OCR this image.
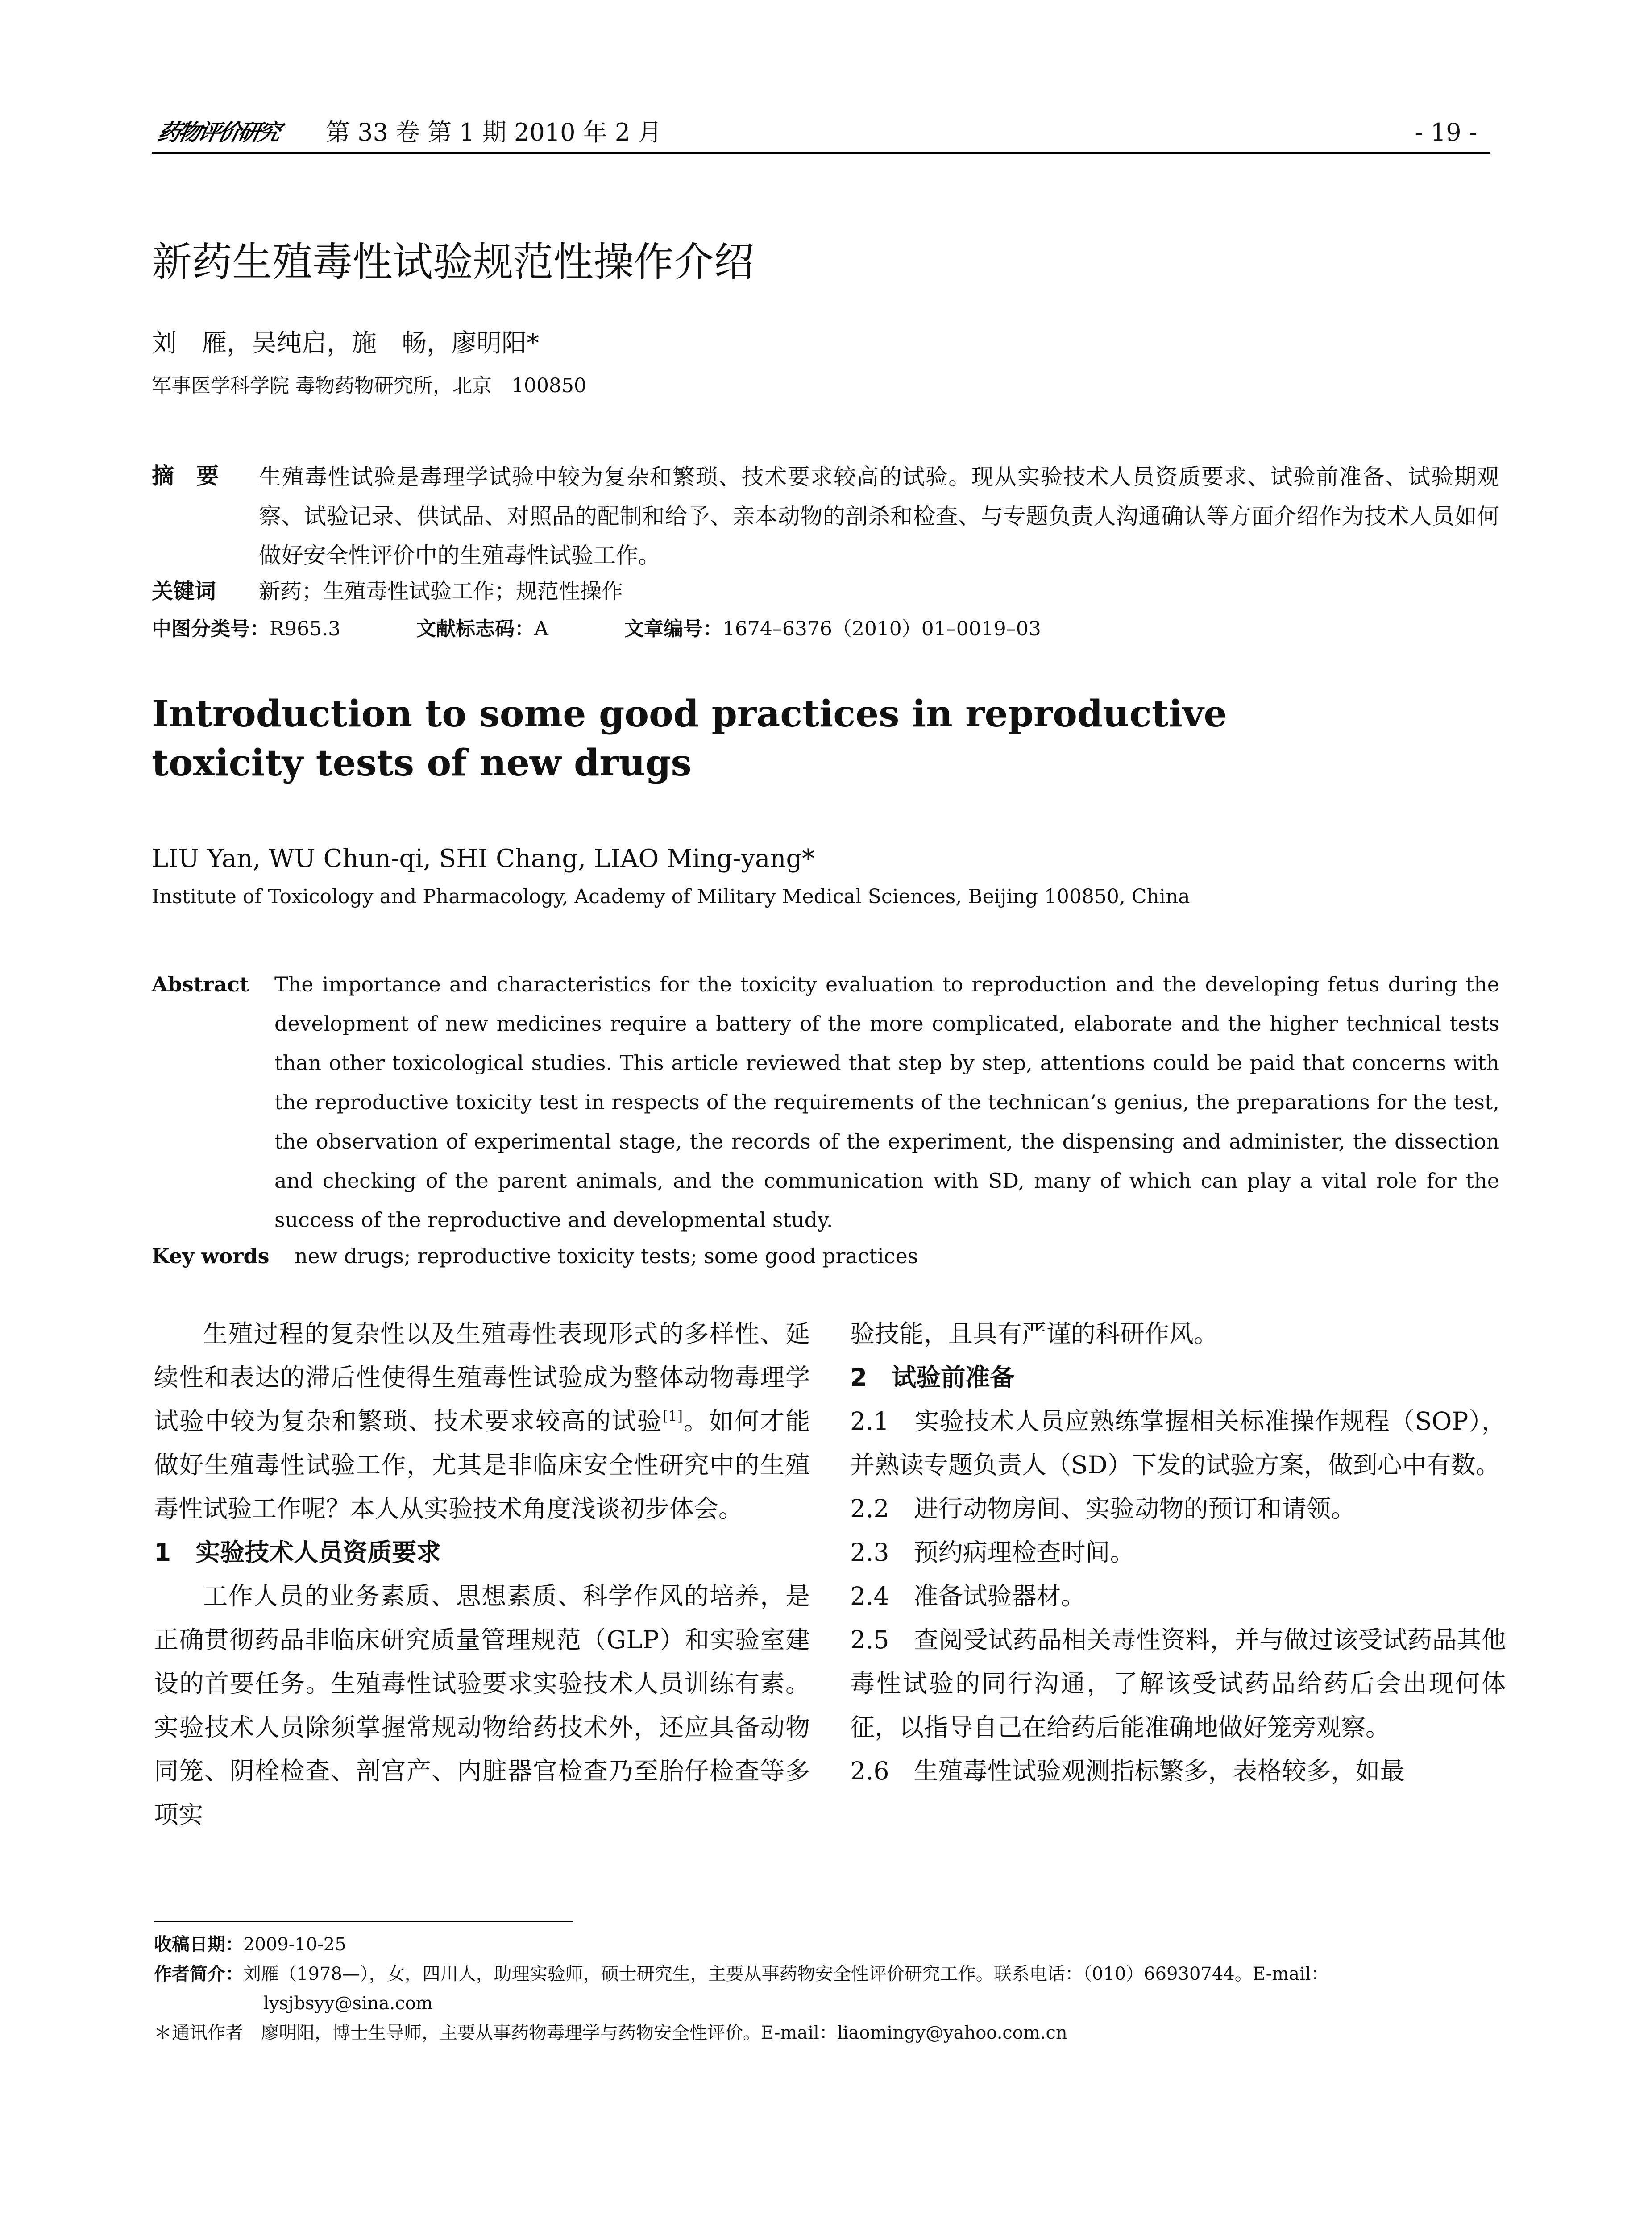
药物评价研究	第 33 卷 第 1 期 2010 年 2 月	- 19 -
新药生殖毒性试验规范性操作介绍
刘　雁，吴纯启，施　畅，廖明阳*
军事医学科学院 毒物药物研究所，北京　100850
摘　要 生殖毒性试验是毒理学试验中较为复杂和繁琐、技术要求较高的试验。现从实验技术人员资质要求、试验前准备、试验期观察、试验记录、供试品、对照品的配制和给予、亲本动物的剖杀和检查、与专题负责人沟通确认等方面介绍作为技术人员如何做好安全性评价中的生殖毒性试验工作。
关键词 新药；生殖毒性试验工作；规范性操作
中图分类号：R965.3	文献标志码：A	文章编号：1674–6376（2010）01–0019–03
Introduction to some good practices in reproductive toxicity tests of new drugs
LIU Yan, WU Chun-qi, SHI Chang, LIAO Ming-yang*
Institute of Toxicology and Pharmacology, Academy of Military Medical Sciences, Beijing 100850, China
Abstract The importance and characteristics for the toxicity evaluation to reproduction and the developing fetus during the development of new medicines require a battery of the more complicated, elaborate and the higher technical tests than other toxicological studies. This article reviewed that step by step, attentions could be paid that concerns with the reproductive toxicity test in respects of the requirements of the technican’s genius, the preparations for the test, the observation of experimental stage, the records of the experiment, the dispensing and administer, the dissection and checking of the parent animals, and the communication with SD, many of which can play a vital role for the success of the reproductive and developmental study.
Key words new drugs; reproductive toxicity tests; some good practices

生殖过程的复杂性以及生殖毒性表现形式的多样性、延续性和表达的滞后性使得生殖毒性试验成为整体动物毒理学试验中较为复杂和繁琐、技术要求较高的试验[1]。如何才能做好生殖毒性试验工作，尤其是非临床安全性研究中的生殖毒性试验工作呢？本人从实验技术角度浅谈初步体会。

1　实验技术人员资质要求

工作人员的业务素质、思想素质、科学作风的培养，是正确贯彻药品非临床研究质量管理规范（GLP）和实验室建设的首要任务。生殖毒性试验要求实验技术人员训练有素。实验技术人员除须掌握常规动物给药技术外，还应具备动物同笼、阴栓检查、剖宫产、内脏器官检查乃至胎仔检查等多项实

验技能，且具有严谨的科研作风。

2　试验前准备

2.1　实验技术人员应熟练掌握相关标准操作规程（SOP），并熟读专题负责人（SD）下发的试验方案，做到心中有数。

2.2　进行动物房间、实验动物的预订和请领。

2.3　预约病理检查时间。

2.4　准备试验器材。

2.5　查阅受试药品相关毒性资料，并与做过该受试药品其他毒性试验的同行沟通，了解该受试药品给药后会出现何体征，以指导自己在给药后能准确地做好笼旁观察。

2.6　生殖毒性试验观测指标繁多，表格较多，如最

收稿日期：2009-10-25
作者简介：刘雁（1978—），女，四川人，助理实验师，硕士研究生，主要从事药物安全性评价研究工作。联系电话：（010）66930744。E-mail：
lysjbsyy@sina.com
＊通讯作者　 廖明阳，博士生导师，主要从事药物毒理学与药物安全性评价。E-mail：liaomingy@yahoo.com.cn
